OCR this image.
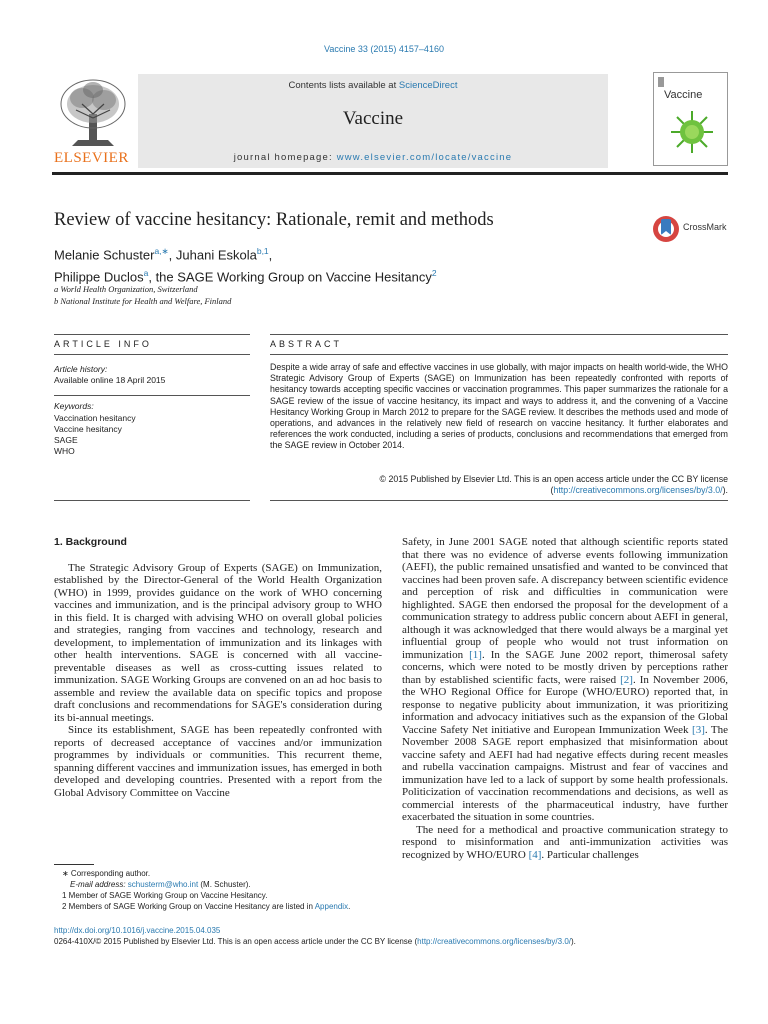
Vaccine 33 (2015) 4157–4160
ELSEVIER
Contents lists available at ScienceDirect
Vaccine
journal homepage: www.elsevier.com/locate/vaccine
Vaccine
Review of vaccine hesitancy: Rationale, remit and methods	CrossMark
Melanie Schuster$^{a,∗}$, Juhani Eskola$^{b,1}$,
Philippe Duclos$^a$, the SAGE Working Group on Vaccine Hesitancy$^2$
a World Health Organization, Switzerland
b National Institute for Health and Welfare, Finland
ARTICLE INFO	ABSTRACT
Article history:
Available online 18 April 2015
Keywords:
Vaccination hesitancy
Vaccine hesitancy
SAGE
WHO
Despite a wide array of safe and effective vaccines in use globally, with major impacts on health world-wide, the WHO Strategic Advisory Group of Experts (SAGE) on Immunization has been repeatedly confronted with reports of hesitancy towards accepting specific vaccines or vaccination programmes. This paper summarizes the rationale for a SAGE review of the issue of vaccine hesitancy, its impact and ways to address it, and the convening of a Vaccine Hesitancy Working Group in March 2012 to prepare for the SAGE review. It describes the methods used and mode of operations, and advances in the relatively new field of research on vaccine hesitancy. It further elaborates and references the work conducted, including a series of products, conclusions and recommendations that emerged from the SAGE review in October 2014.
© 2015 Published by Elsevier Ltd. This is an open access article under the CC BY license (http://creativecommons.org/licenses/by/3.0/).
1. Background

The Strategic Advisory Group of Experts (SAGE) on Immunization, established by the Director-General of the World Health Organization (WHO) in 1999, provides guidance on the work of WHO concerning vaccines and immunization, and is the principal advisory group to WHO in this field. It is charged with advising WHO on overall global policies and strategies, ranging from vaccines and technology, research and development, to implementation of immunization and its linkages with other health interventions. SAGE is concerned with all vaccine-preventable diseases as well as cross-cutting issues related to immunization. SAGE Working Groups are convened on an ad hoc basis to assemble and review the available data on specific topics and propose draft conclusions and recommendations for SAGE's consideration during its bi-annual meetings.

Since its establishment, SAGE has been repeatedly confronted with reports of decreased acceptance of vaccines and/or immunization programmes by individuals or communities. This recurrent theme, spanning different vaccines and immunization issues, has emerged in both developed and developing countries. Presented with a report from the Global Advisory Committee on Vaccine

Safety, in June 2001 SAGE noted that although scientific reports stated that there was no evidence of adverse events following immunization (AEFI), the public remained unsatisfied and wanted to be convinced that vaccines had been proven safe. A discrepancy between scientific evidence and perception of risk and difficulties in communication were highlighted. SAGE then endorsed the proposal for the development of a communication strategy to address public concern about AEFI in general, although it was acknowledged that there would always be a marginal yet influential group of people who would not trust information on immunization [1]. In the SAGE June 2002 report, thimerosal safety concerns, which were noted to be mostly driven by perceptions rather than by established scientific facts, were raised [2]. In November 2006, the WHO Regional Office for Europe (WHO/EURO) reported that, in response to negative publicity about immunization, it was prioritizing information and advocacy initiatives such as the expansion of the Global Vaccine Safety Net initiative and European Immunization Week [3]. The November 2008 SAGE report emphasized that misinformation about vaccine safety and AEFI had had negative effects during recent measles and rubella vaccination campaigns. Mistrust and fear of vaccines and immunization have led to a lack of support by some health professionals. Politicization of vaccination recommendations and decisions, as well as commercial interests of the pharmaceutical industry, have further exacerbated the situation in some countries.

The need for a methodical and proactive communication strategy to respond to misinformation and anti-immunization activities was recognized by WHO/EURO [4]. Particular challenges

∗ Corresponding author.
E-mail address: schusterm@who.int (M. Schuster).
1 Member of SAGE Working Group on Vaccine Hesitancy.
2 Members of SAGE Working Group on Vaccine Hesitancy are listed in Appendix.
http://dx.doi.org/10.1016/j.vaccine.2015.04.035
0264-410X/© 2015 Published by Elsevier Ltd. This is an open access article under the CC BY license (http://creativecommons.org/licenses/by/3.0/).
